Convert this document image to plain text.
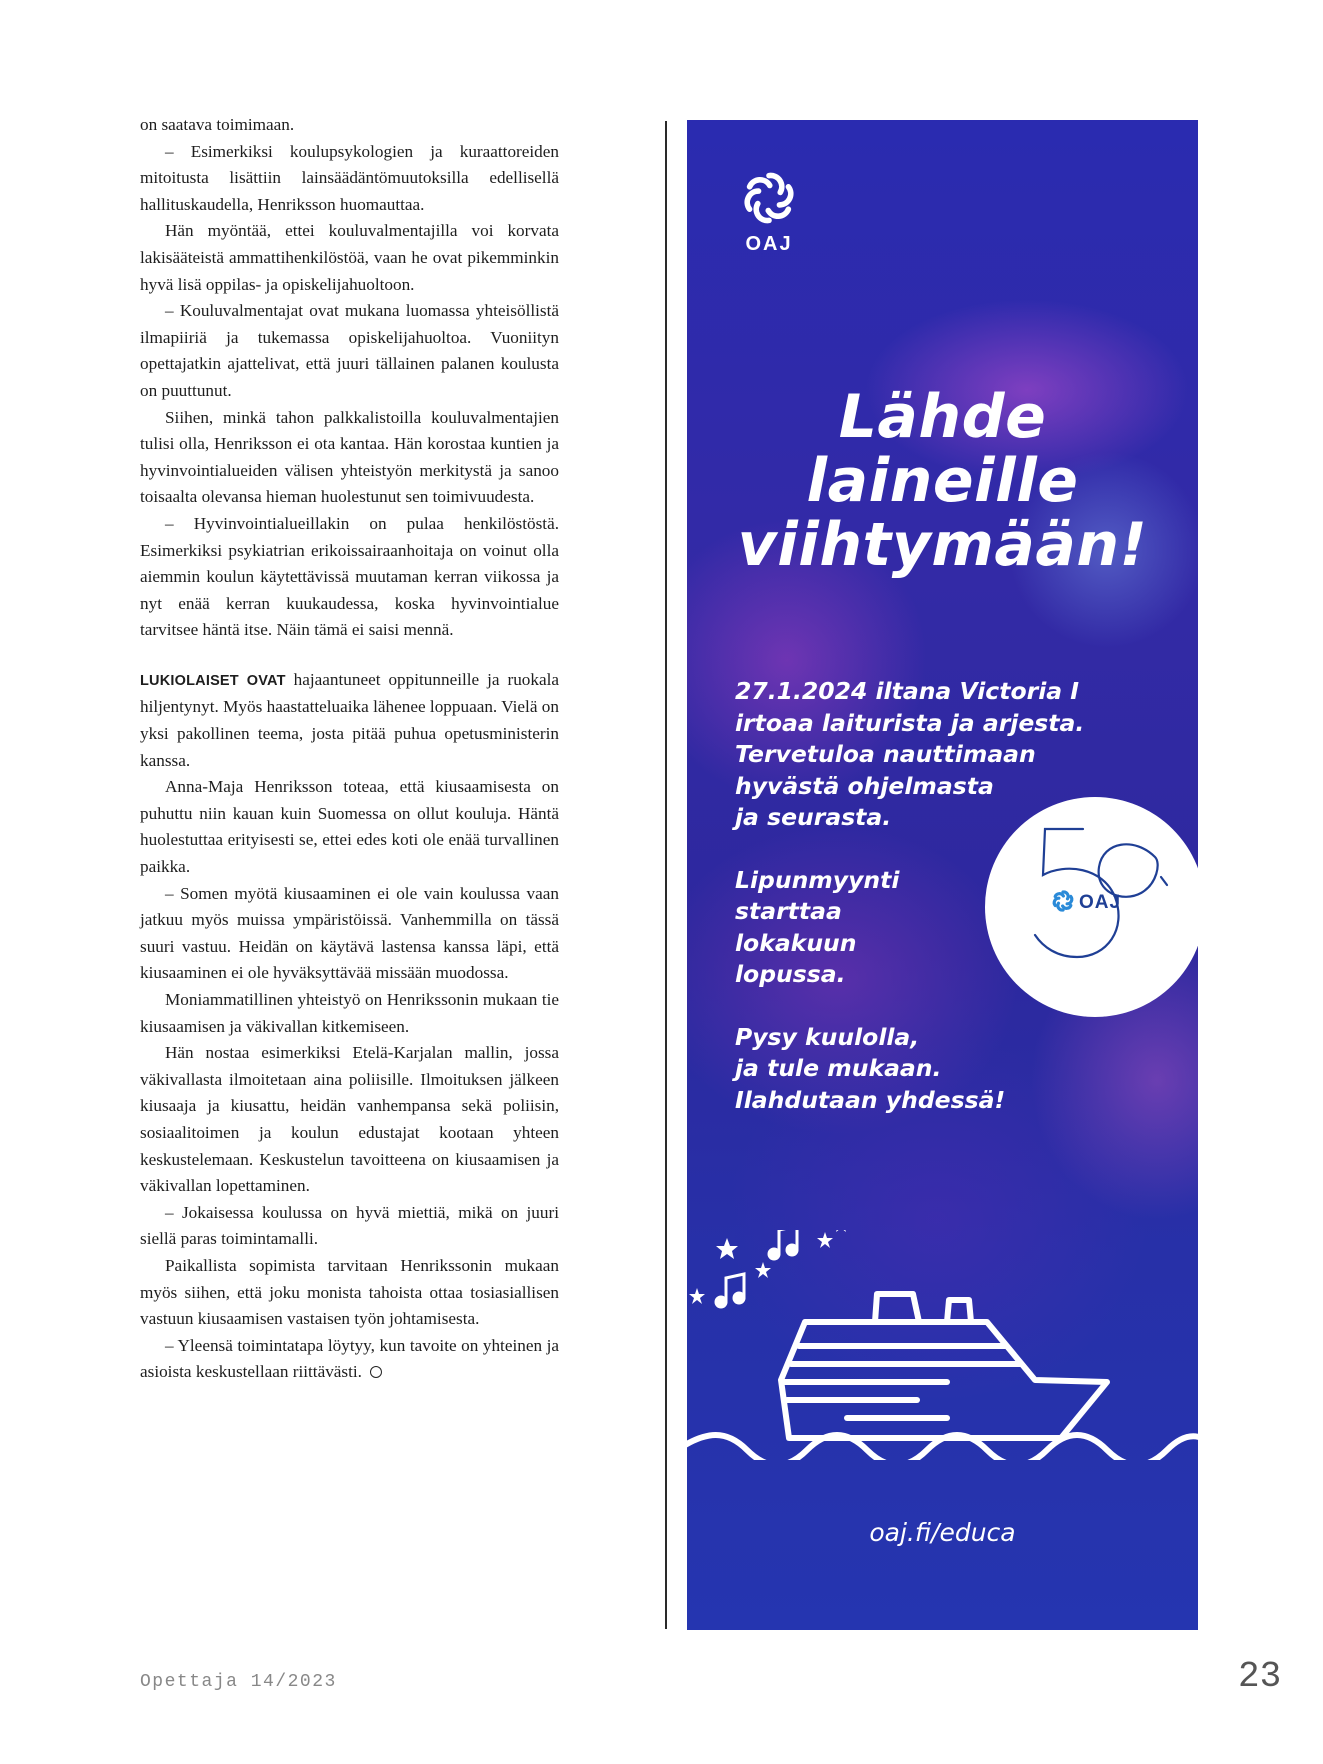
on saatava toimimaan.

– Esimerkiksi koulupsykologien ja kuraattoreiden mitoitusta lisättiin lainsäädäntömuutoksilla edellisellä hallituskaudella, Henriksson huomauttaa.

Hän myöntää, ettei kouluvalmentajilla voi korvata lakisääteistä ammattihenkilöstöä, vaan he ovat pikemminkin hyvä lisä oppilas- ja opiskelijahuoltoon.

– Kouluvalmentajat ovat mukana luomassa yhteisöllistä ilmapiiriä ja tukemassa opiskelijahuoltoa. Vuoniityn opettajatkin ajattelivat, että juuri tällainen palanen koulusta on puuttunut.

Siihen, minkä tahon palkkalistoilla kouluvalmentajien tulisi olla, Henriksson ei ota kantaa. Hän korostaa kuntien ja hyvinvointialueiden välisen yhteistyön merkitystä ja sanoo toisaalta olevansa hieman huolestunut sen toimivuudesta.

– Hyvinvointialueillakin on pulaa henkilöstöstä. Esimerkiksi psykiatrian erikoissairaanhoitaja on voinut olla aiemmin koulun käytettävissä muutaman kerran viikossa ja nyt enää kerran kuukaudessa, koska hyvinvointialue tarvitsee häntä itse. Näin tämä ei saisi mennä.

LUKIOLAISET OVAT hajaantuneet oppitunneille ja ruokala hiljentynyt. Myös haastatteluaika lähenee loppuaan. Vielä on yksi pakollinen teema, josta pitää puhua opetusministerin kanssa.

Anna-Maja Henriksson toteaa, että kiusaamisesta on puhuttu niin kauan kuin Suomessa on ollut kouluja. Häntä huolestuttaa erityisesti se, ettei edes koti ole enää turvallinen paikka.

– Somen myötä kiusaaminen ei ole vain koulussa vaan jatkuu myös muissa ympäristöissä. Vanhemmilla on tässä suuri vastuu. Heidän on käytävä lastensa kanssa läpi, että kiusaaminen ei ole hyväksyttävää missään muodossa.

Moniammatillinen yhteistyö on Henrikssonin mukaan tie kiusaamisen ja väkivallan kitkemiseen.

Hän nostaa esimerkiksi Etelä-Karjalan mallin, jossa väkivallasta ilmoitetaan aina poliisille. Ilmoituksen jälkeen kiusaaja ja kiusattu, heidän vanhempansa sekä poliisin, sosiaalitoimen ja koulun edustajat kootaan yhteen keskustelemaan. Keskustelun tavoitteena on kiusaamisen ja väkivallan lopettaminen.

– Jokaisessa koulussa on hyvä miettiä, mikä on juuri siellä paras toimintamalli.

Paikallista sopimista tarvitaan Henrikssonin mukaan myös siihen, että joku monista tahoista ottaa tosiasiallisen vastuun kiusaamisen vastaisen työn johtamisesta.

– Yleensä toimintatapa löytyy, kun tavoite on yhteinen ja asioista keskustellaan riittävästi.

OAJ
Lähde
laineille
viihtymään!

27.1.2024 iltana Victoria I
irtoaa laiturista ja arjesta.
Tervetuloa nauttimaan
hyvästä ohjelmasta
ja seurasta.

Lipunmyynti
starttaa
lokakuun
lopussa.

Pysy kuulolla,
ja tule mukaan.
Ilahdutaan yhdessä!

OAJ
oaj.fi/educa
Opettaja 14/2023	23
